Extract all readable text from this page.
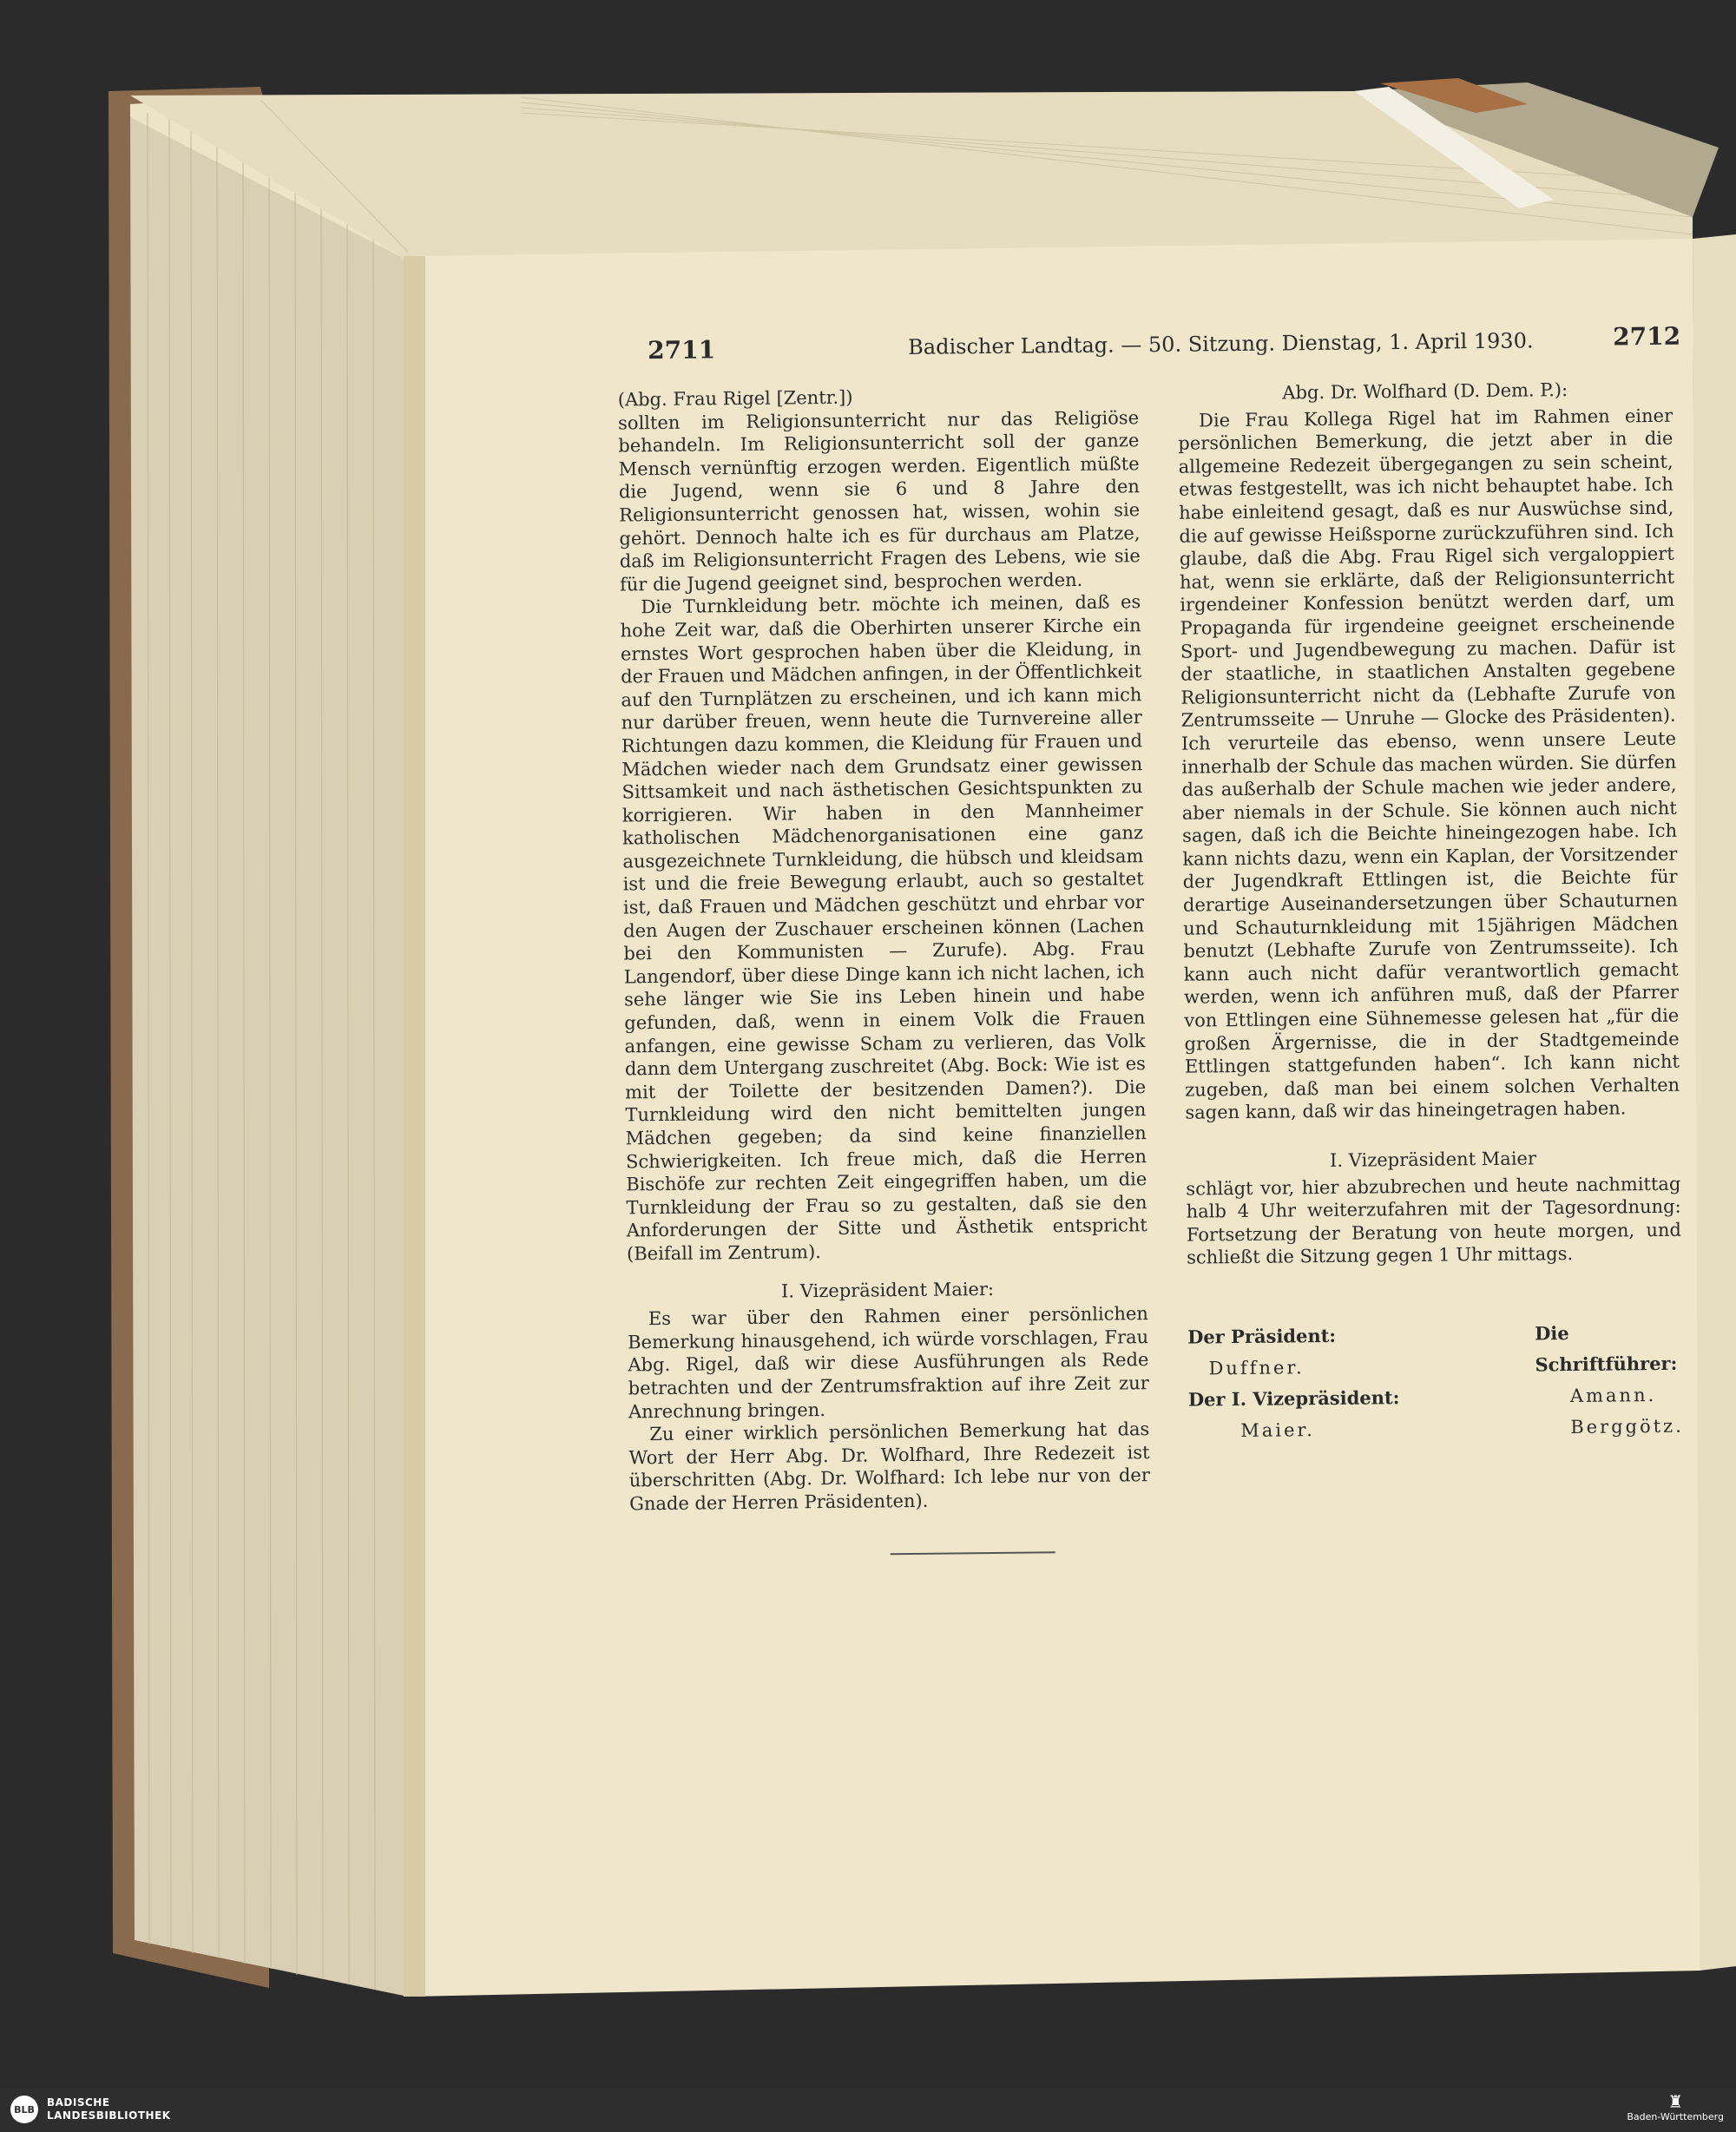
2711	Badischer Landtag. — 50. Sitzung. Dienstag, 1. April 1930.	2712

(Abg. Frau Rigel [Zentr.])

sollten im Religionsunterricht nur das Religiöse behandeln. Im Religionsunterricht soll der ganze Mensch vernünftig erzogen werden. Eigentlich müßte die Jugend, wenn sie 6 und 8 Jahre den Religionsunterricht genossen hat, wissen, wohin sie gehört. Dennoch halte ich es für durchaus am Platze, daß im Religionsunterricht Fragen des Lebens, wie sie für die Jugend geeignet sind, besprochen werden.

Die Turnkleidung betr. möchte ich meinen, daß es hohe Zeit war, daß die Oberhirten unserer Kirche ein ernstes Wort gesprochen haben über die Kleidung, in der Frauen und Mädchen anfingen, in der Öffentlichkeit auf den Turnplätzen zu erscheinen, und ich kann mich nur darüber freuen, wenn heute die Turnvereine aller Richtungen dazu kommen, die Kleidung für Frauen und Mädchen wieder nach dem Grundsatz einer gewissen Sittsamkeit und nach ästhetischen Gesichtspunkten zu korrigieren. Wir haben in den Mannheimer katholischen Mädchenorganisationen eine ganz ausgezeichnete Turnkleidung, die hübsch und kleidsam ist und die freie Bewegung erlaubt, auch so gestaltet ist, daß Frauen und Mädchen geschützt und ehrbar vor den Augen der Zuschauer erscheinen können (Lachen bei den Kommunisten — Zurufe). Abg. Frau Langendorf, über diese Dinge kann ich nicht lachen, ich sehe länger wie Sie ins Leben hinein und habe gefunden, daß, wenn in einem Volk die Frauen anfangen, eine gewisse Scham zu verlieren, das Volk dann dem Untergang zuschreitet (Abg. Bock: Wie ist es mit der Toilette der besitzenden Damen?). Die Turnkleidung wird den nicht bemittelten jungen Mädchen gegeben; da sind keine finanziellen Schwierigkeiten. Ich freue mich, daß die Herren Bischöfe zur rechten Zeit eingegriffen haben, um die Turnkleidung der Frau so zu gestalten, daß sie den Anforderungen der Sitte und Ästhetik entspricht (Beifall im Zentrum).

I. Vizepräsident Maier:

Es war über den Rahmen einer persönlichen Bemerkung hinausgehend, ich würde vorschlagen, Frau Abg. Rigel, daß wir diese Ausführungen als Rede betrachten und der Zentrumsfraktion auf ihre Zeit zur Anrechnung bringen.

Zu einer wirklich persönlichen Bemerkung hat das Wort der Herr Abg. Dr. Wolfhard, Ihre Redezeit ist überschritten (Abg. Dr. Wolfhard: Ich lebe nur von der Gnade der Herren Präsidenten).

Abg. Dr. Wolfhard (D. Dem. P.):

Die Frau Kollega Rigel hat im Rahmen einer persönlichen Bemerkung, die jetzt aber in die allgemeine Redezeit übergegangen zu sein scheint, etwas festgestellt, was ich nicht behauptet habe. Ich habe einleitend gesagt, daß es nur Auswüchse sind, die auf gewisse Heißsporne zurückzuführen sind. Ich glaube, daß die Abg. Frau Rigel sich vergaloppiert hat, wenn sie erklärte, daß der Religionsunterricht irgendeiner Konfession benützt werden darf, um Propaganda für irgendeine geeignet erscheinende Sport- und Jugendbewegung zu machen. Dafür ist der staatliche, in staatlichen Anstalten gegebene Religionsunterricht nicht da (Lebhafte Zurufe von Zentrumsseite — Unruhe — Glocke des Präsidenten). Ich verurteile das ebenso, wenn unsere Leute innerhalb der Schule das machen würden. Sie dürfen das außerhalb der Schule machen wie jeder andere, aber niemals in der Schule. Sie können auch nicht sagen, daß ich die Beichte hineingezogen habe. Ich kann nichts dazu, wenn ein Kaplan, der Vorsitzender der Jugendkraft Ettlingen ist, die Beichte für derartige Auseinandersetzungen über Schauturnen und Schauturnkleidung mit 15jährigen Mädchen benutzt (Lebhafte Zurufe von Zentrumsseite). Ich kann auch nicht dafür verantwortlich gemacht werden, wenn ich anführen muß, daß der Pfarrer von Ettlingen eine Sühnemesse gelesen hat „für die großen Ärgernisse, die in der Stadtgemeinde Ettlingen stattgefunden haben“. Ich kann nicht zugeben, daß man bei einem solchen Verhalten sagen kann, daß wir das hineingetragen haben.

I. Vizepräsident Maier

schlägt vor, hier abzubrechen und heute nachmittag halb 4 Uhr weiterzufahren mit der Tagesordnung: Fortsetzung der Beratung von heute morgen, und schließt die Sitzung gegen 1 Uhr mittags.

Der Präsident:
Duffner.
Der I. Vizepräsident:
Maier.
Die Schriftführer:
Amann.
Berggötz.
BLB
BADISCHE
LANDESBIBLIOTHEK
♜
Baden-Württemberg
